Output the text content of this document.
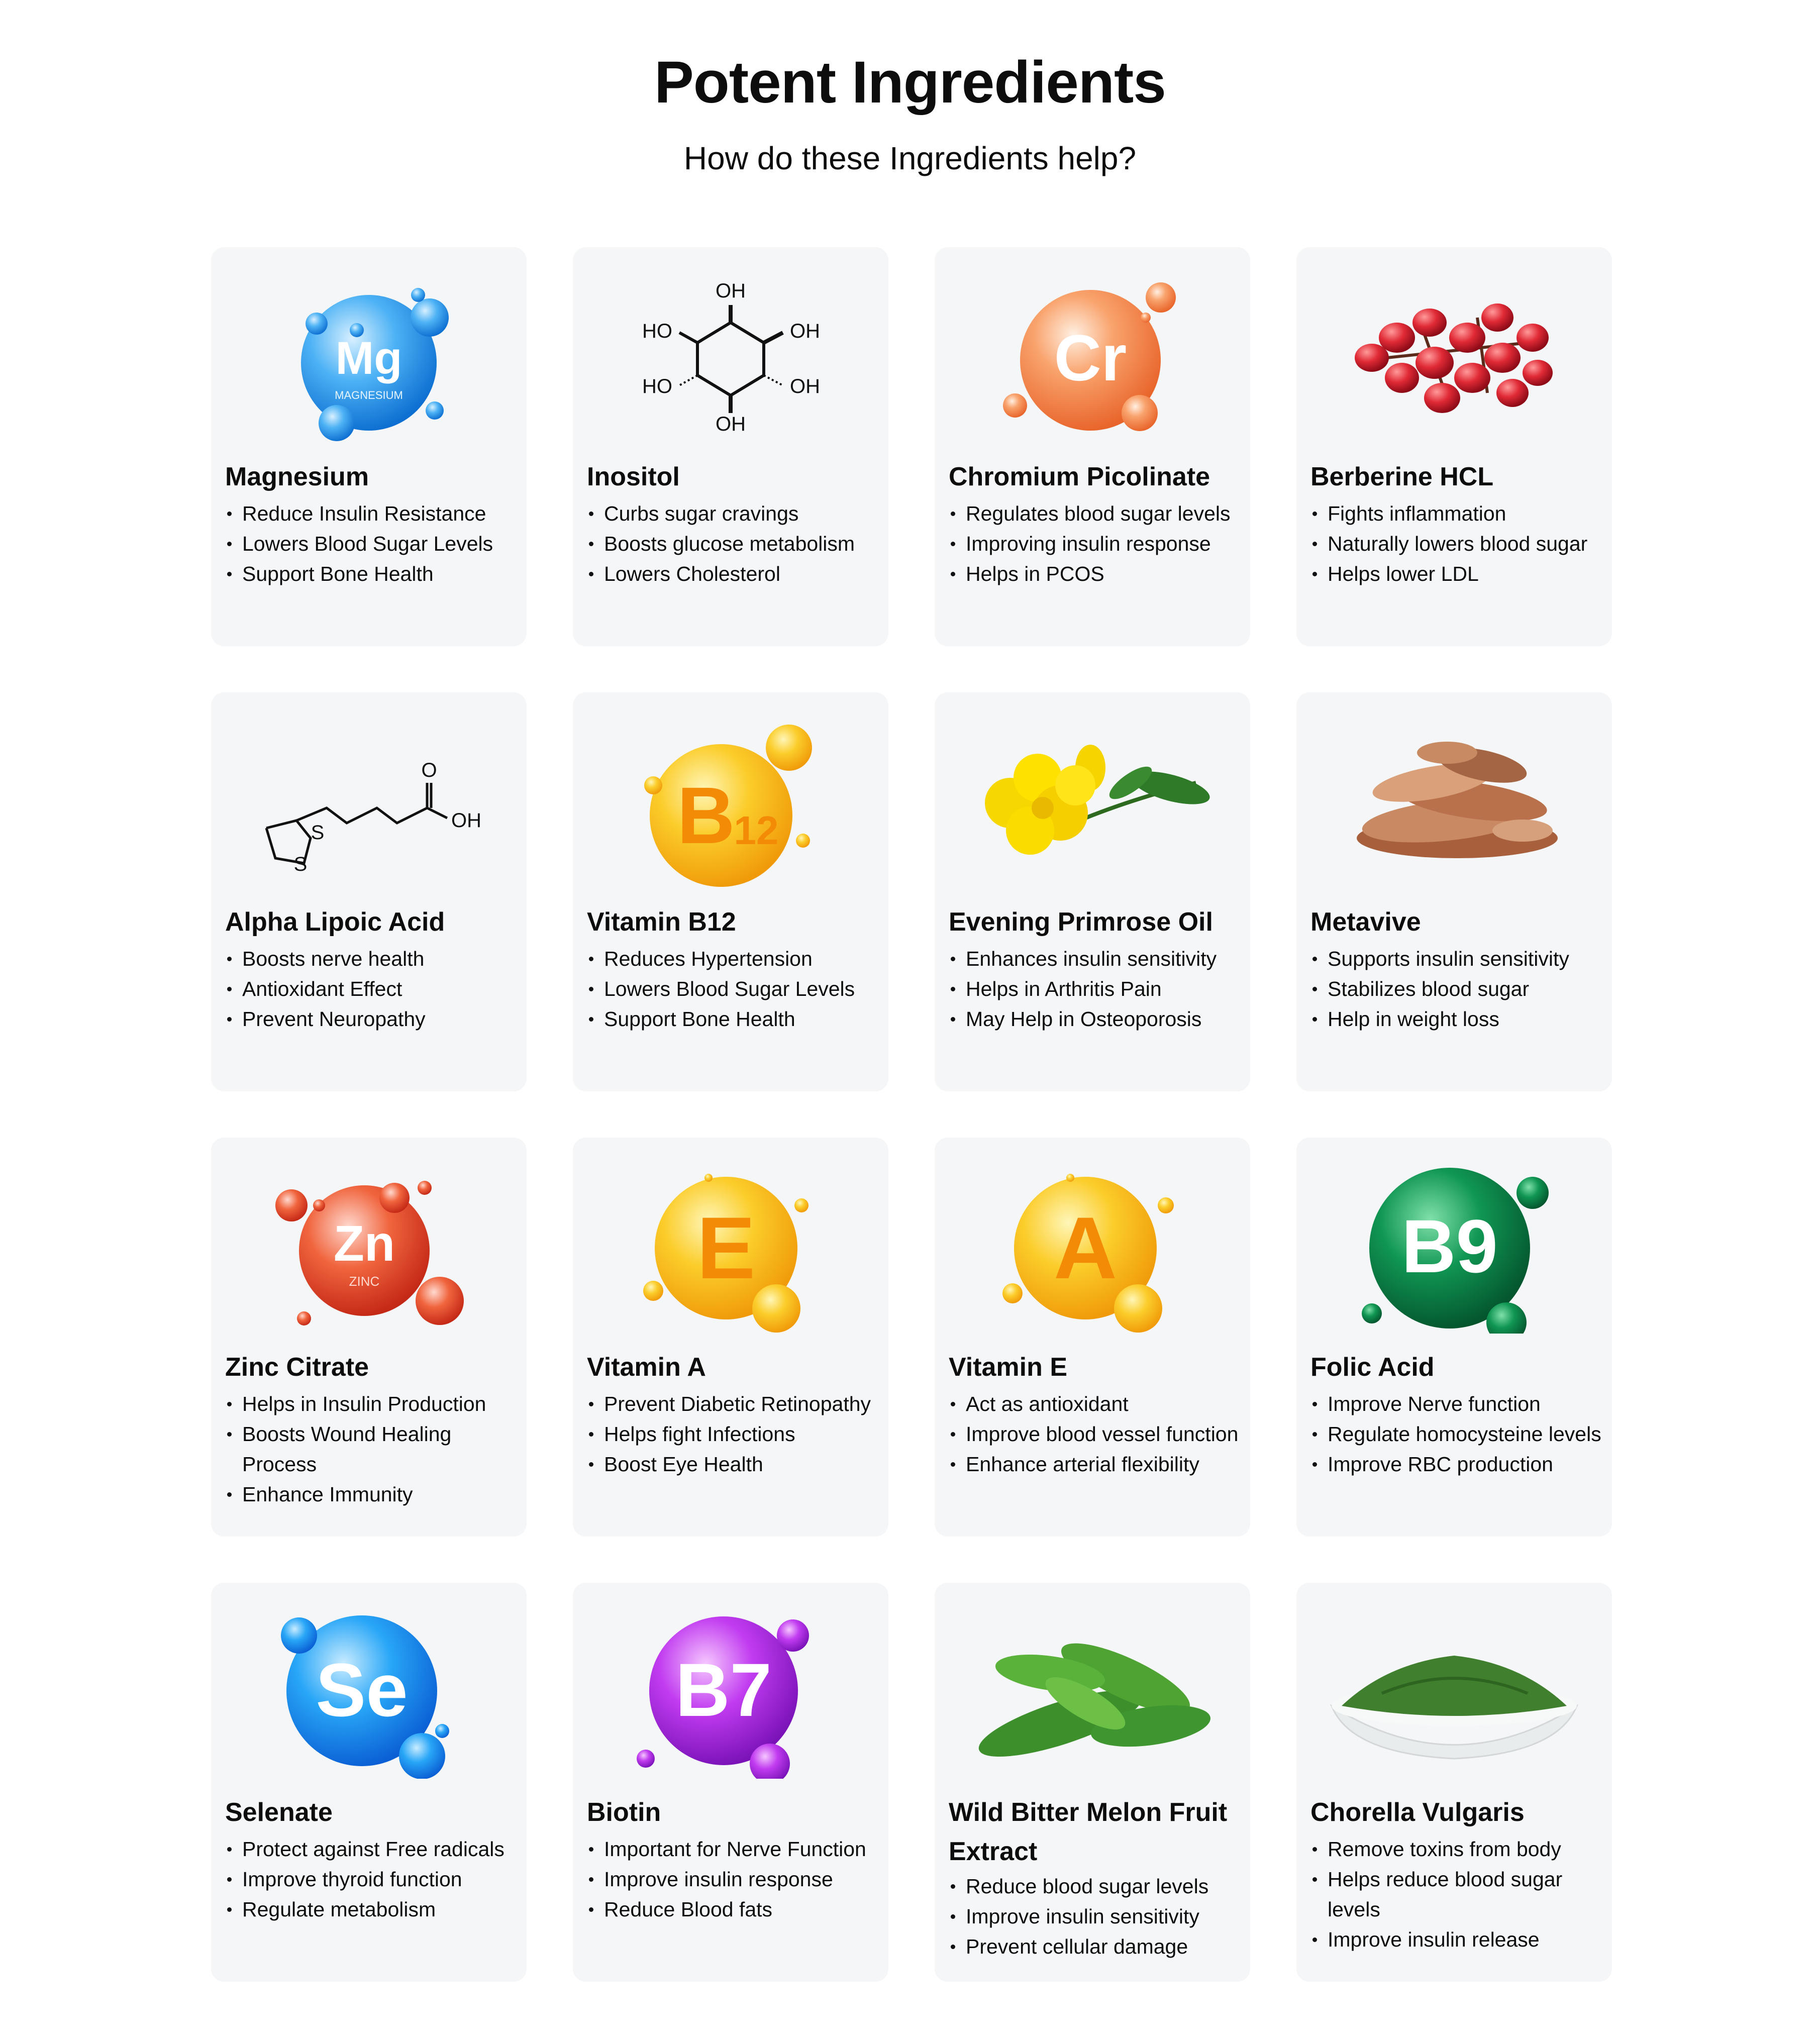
Potent Ingredients
How do these Ingredients help?
Mg
MAGNESIUM
Magnesium
Reduce Insulin Resistance
Lowers Blood Sugar Levels
Support Bone Health
OH
HO	OH
HO	OH
OH
Inositol
Curbs sugar cravings
Boosts glucose metabolism
Lowers Cholesterol
Cr
Chromium Picolinate
Regulates blood sugar levels
Improving insulin response
Helps in PCOS
Berberine HCL
Fights inflammation
Naturally lowers blood sugar
Helps lower LDL
O
OH
S
S
Alpha Lipoic Acid
Boosts nerve health
Antioxidant Effect
Prevent Neuropathy
B
12
Vitamin B12
Reduces Hypertension
Lowers Blood Sugar Levels
Support Bone Health
Evening Primrose Oil
Enhances insulin sensitivity
Helps in Arthritis Pain
May Help in Osteoporosis
Metavive
Supports insulin sensitivity
Stabilizes blood sugar
Help in weight loss
Zn
ZINC
Zinc Citrate
Helps in Insulin Production
Boosts Wound Healing Process
Enhance Immunity
E
Vitamin A
Prevent Diabetic Retinopathy
Helps fight Infections
Boost Eye Health
A
Vitamin E
Act as antioxidant
Improve blood vessel function
Enhance arterial flexibility
B9
Folic Acid
Improve Nerve function
Regulate homocysteine levels
Improve RBC production
Se
Selenate
Protect against Free radicals
Improve thyroid function
Regulate metabolism
B7
Biotin
Important for Nerve Function
Improve insulin response
Reduce Blood fats
Wild Bitter Melon Fruit Extract
Reduce blood sugar levels
Improve insulin sensitivity
Prevent cellular damage
Chorella Vulgaris
Remove toxins from body
Helps reduce blood sugar levels
Improve insulin release
